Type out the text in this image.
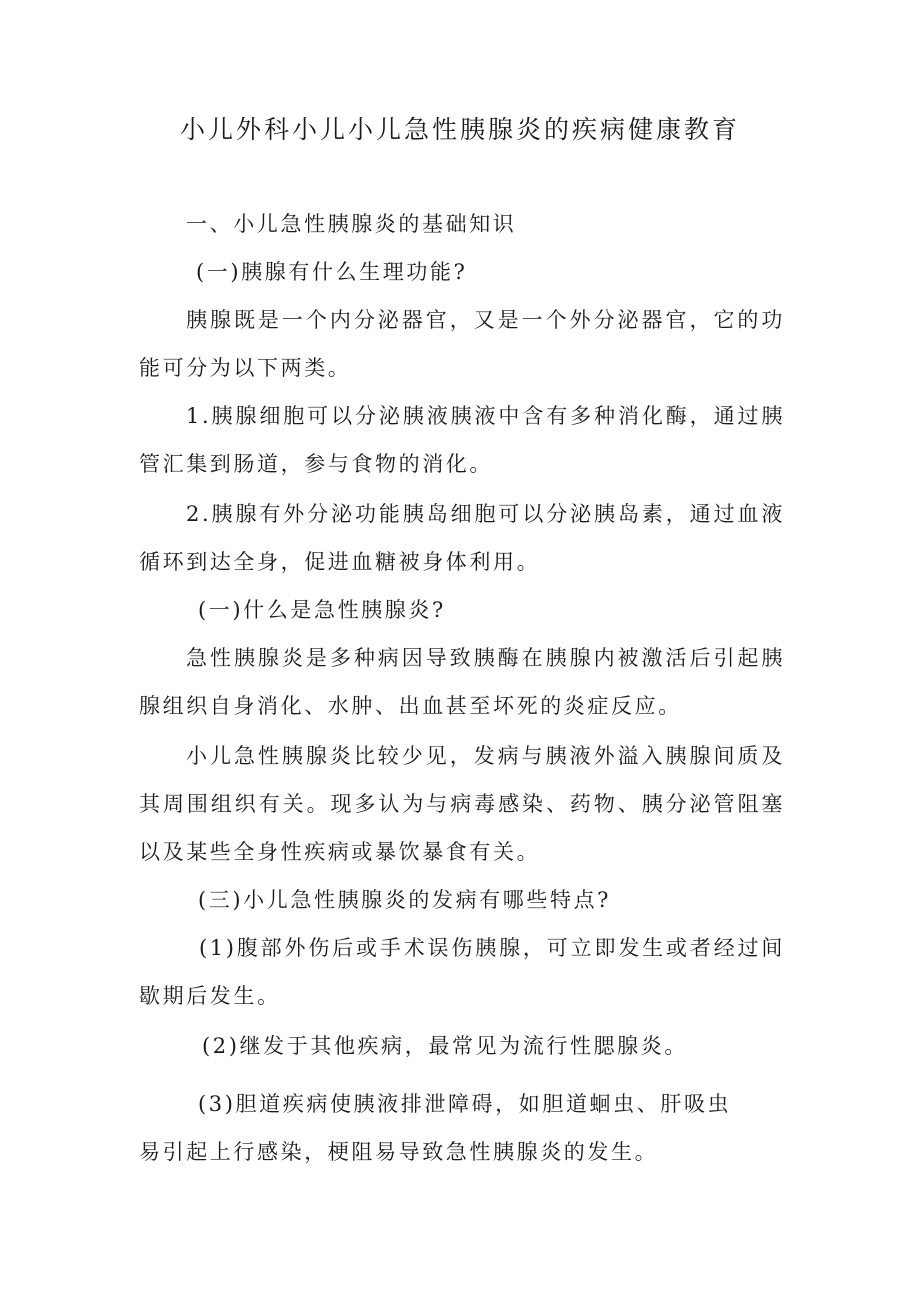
小儿外科小儿小儿急性胰腺炎的疾病健康教育
一、小儿急性胰腺炎的基础知识
(一)胰腺有什么生理功能?
胰腺既是一个内分泌器官，又是一个外分泌器官，它的功能可分为以下两类。
1.胰腺细胞可以分泌胰液胰液中含有多种消化酶，通过胰管汇集到肠道，参与食物的消化。
2.胰腺有外分泌功能胰岛细胞可以分泌胰岛素，通过血液循环到达全身，促进血糖被身体利用。
(一)什么是急性胰腺炎?
急性胰腺炎是多种病因导致胰酶在胰腺内被激活后引起胰腺组织自身消化、水肿、出血甚至坏死的炎症反应。
小儿急性胰腺炎比较少见，发病与胰液外溢入胰腺间质及其周围组织有关。现多认为与病毒感染、药物、胰分泌管阻塞以及某些全身性疾病或暴饮暴食有关。
(三)小儿急性胰腺炎的发病有哪些特点?
(1)腹部外伤后或手术误伤胰腺，可立即发生或者经过间歇期后发生。
(2)继发于其他疾病，最常见为流行性腮腺炎。
(3)胆道疾病使胰液排泄障碍，如胆道蛔虫、肝吸虫
易引起上行感染，梗阻易导致急性胰腺炎的发生。
